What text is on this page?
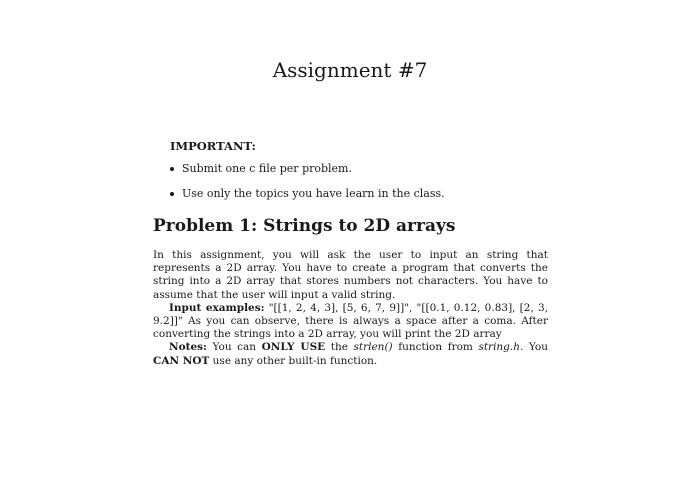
Assignment #7
IMPORTANT:
Submit one c file per problem.
Use only the topics you have learn in the class.
Problem 1: Strings to 2D arrays

In this assignment, you will ask the user to input an string that represents a 2D array. You have to create a program that converts the string into a 2D array that stores numbers not characters. You have to assume that the user will input a valid string.

Input examples: "[[1, 2, 4, 3], [5, 6, 7, 9]]", "[[0.1, 0.12, 0.83], [2, 3, 9.2]]" As you can observe, there is always a space after a coma. After converting the strings into a 2D array, you will print the 2D array

Notes: You can ONLY USE the strlen() function from string.h. You CAN NOT use any other built-in function.
